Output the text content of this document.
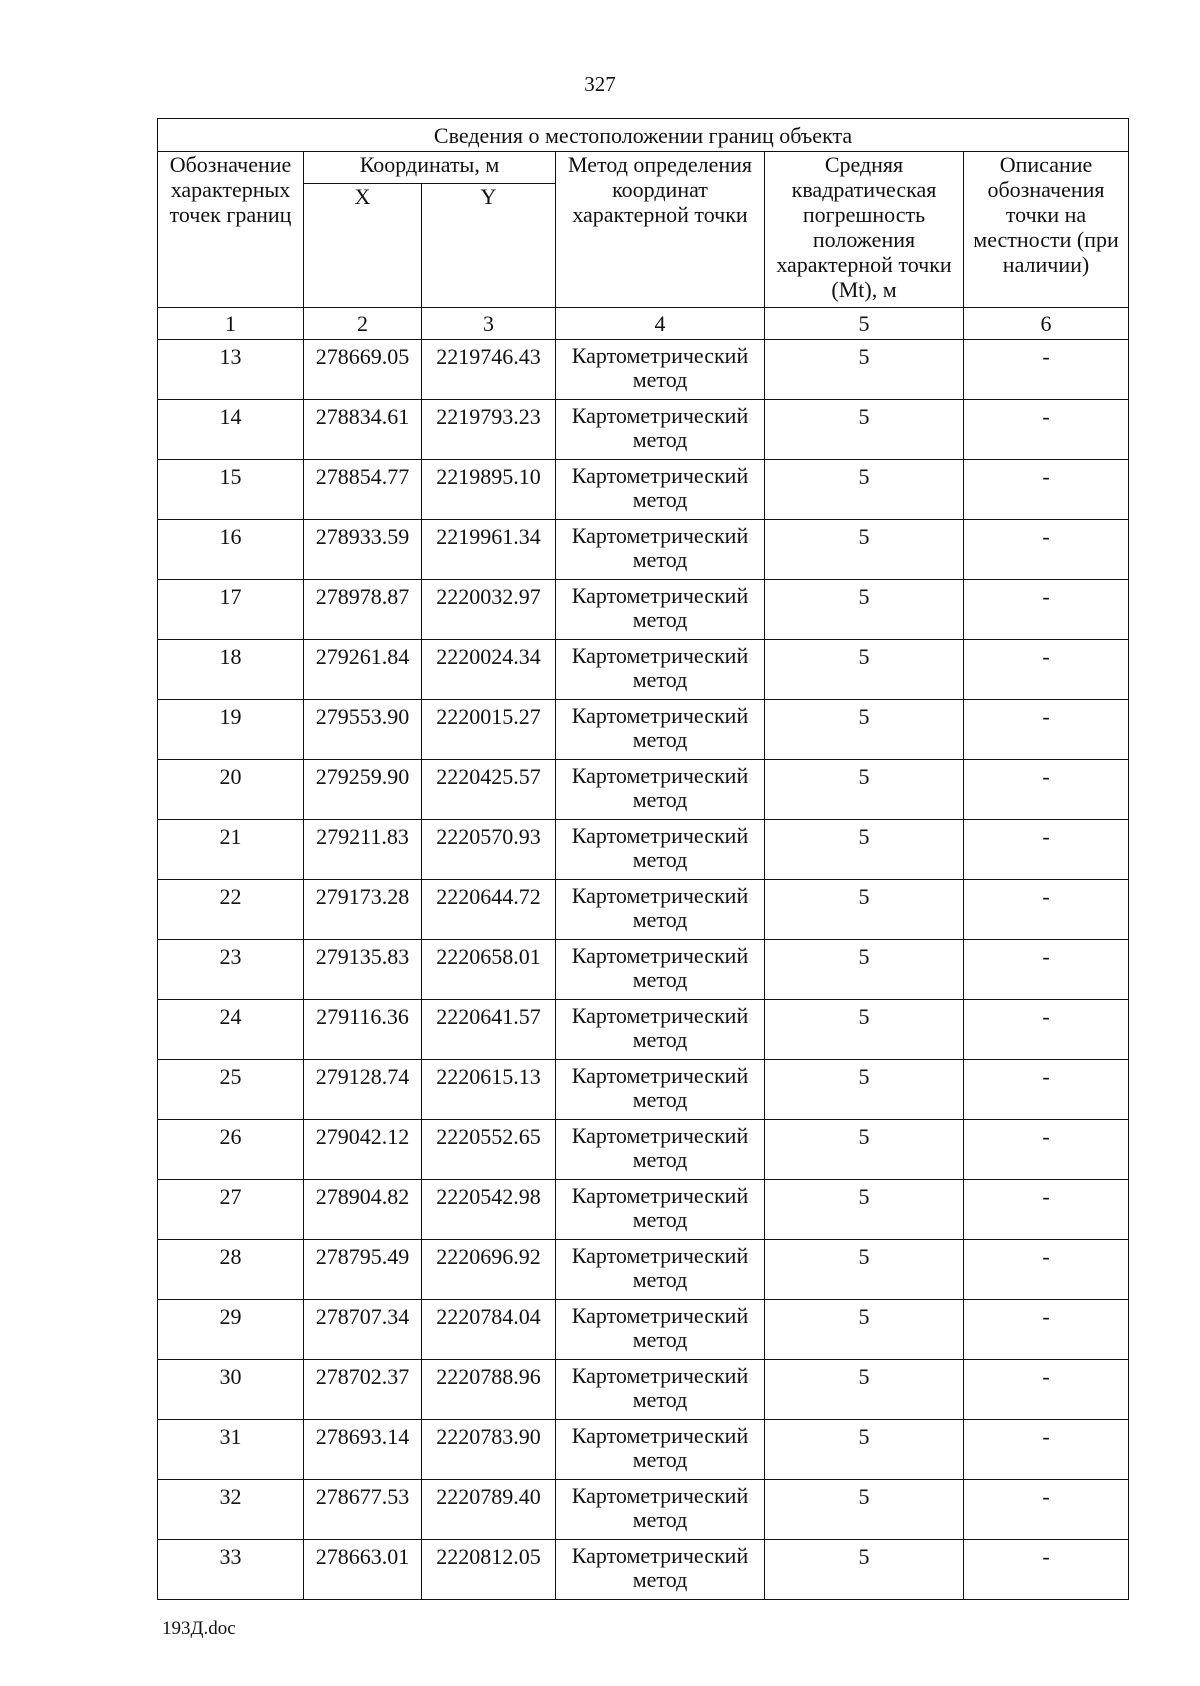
327
Сведения о местоположении границ объекта					
Обозначение характерных точек границ	Координаты, м		Метод определения координат характерной точки	Средняя квадратическая погрешность положения характерной точки (Mt), м	Описание обозначения точки на местности (при наличии)
	X	Y			
1	2	3	4	5	6
13	278669.05	2219746.43	Картометрический метод	5	-
14	278834.61	2219793.23	Картометрический метод	5	-
15	278854.77	2219895.10	Картометрический метод	5	-
16	278933.59	2219961.34	Картометрический метод	5	-
17	278978.87	2220032.97	Картометрический метод	5	-
18	279261.84	2220024.34	Картометрический метод	5	-
19	279553.90	2220015.27	Картометрический метод	5	-
20	279259.90	2220425.57	Картометрический метод	5	-
21	279211.83	2220570.93	Картометрический метод	5	-
22	279173.28	2220644.72	Картометрический метод	5	-
23	279135.83	2220658.01	Картометрический метод	5	-
24	279116.36	2220641.57	Картометрический метод	5	-
25	279128.74	2220615.13	Картометрический метод	5	-
26	279042.12	2220552.65	Картометрический метод	5	-
27	278904.82	2220542.98	Картометрический метод	5	-
28	278795.49	2220696.92	Картометрический метод	5	-
29	278707.34	2220784.04	Картометрический метод	5	-
30	278702.37	2220788.96	Картометрический метод	5	-
31	278693.14	2220783.90	Картометрический метод	5	-
32	278677.53	2220789.40	Картометрический метод	5	-
33	278663.01	2220812.05	Картометрический метод	5	-
193Д.doc
